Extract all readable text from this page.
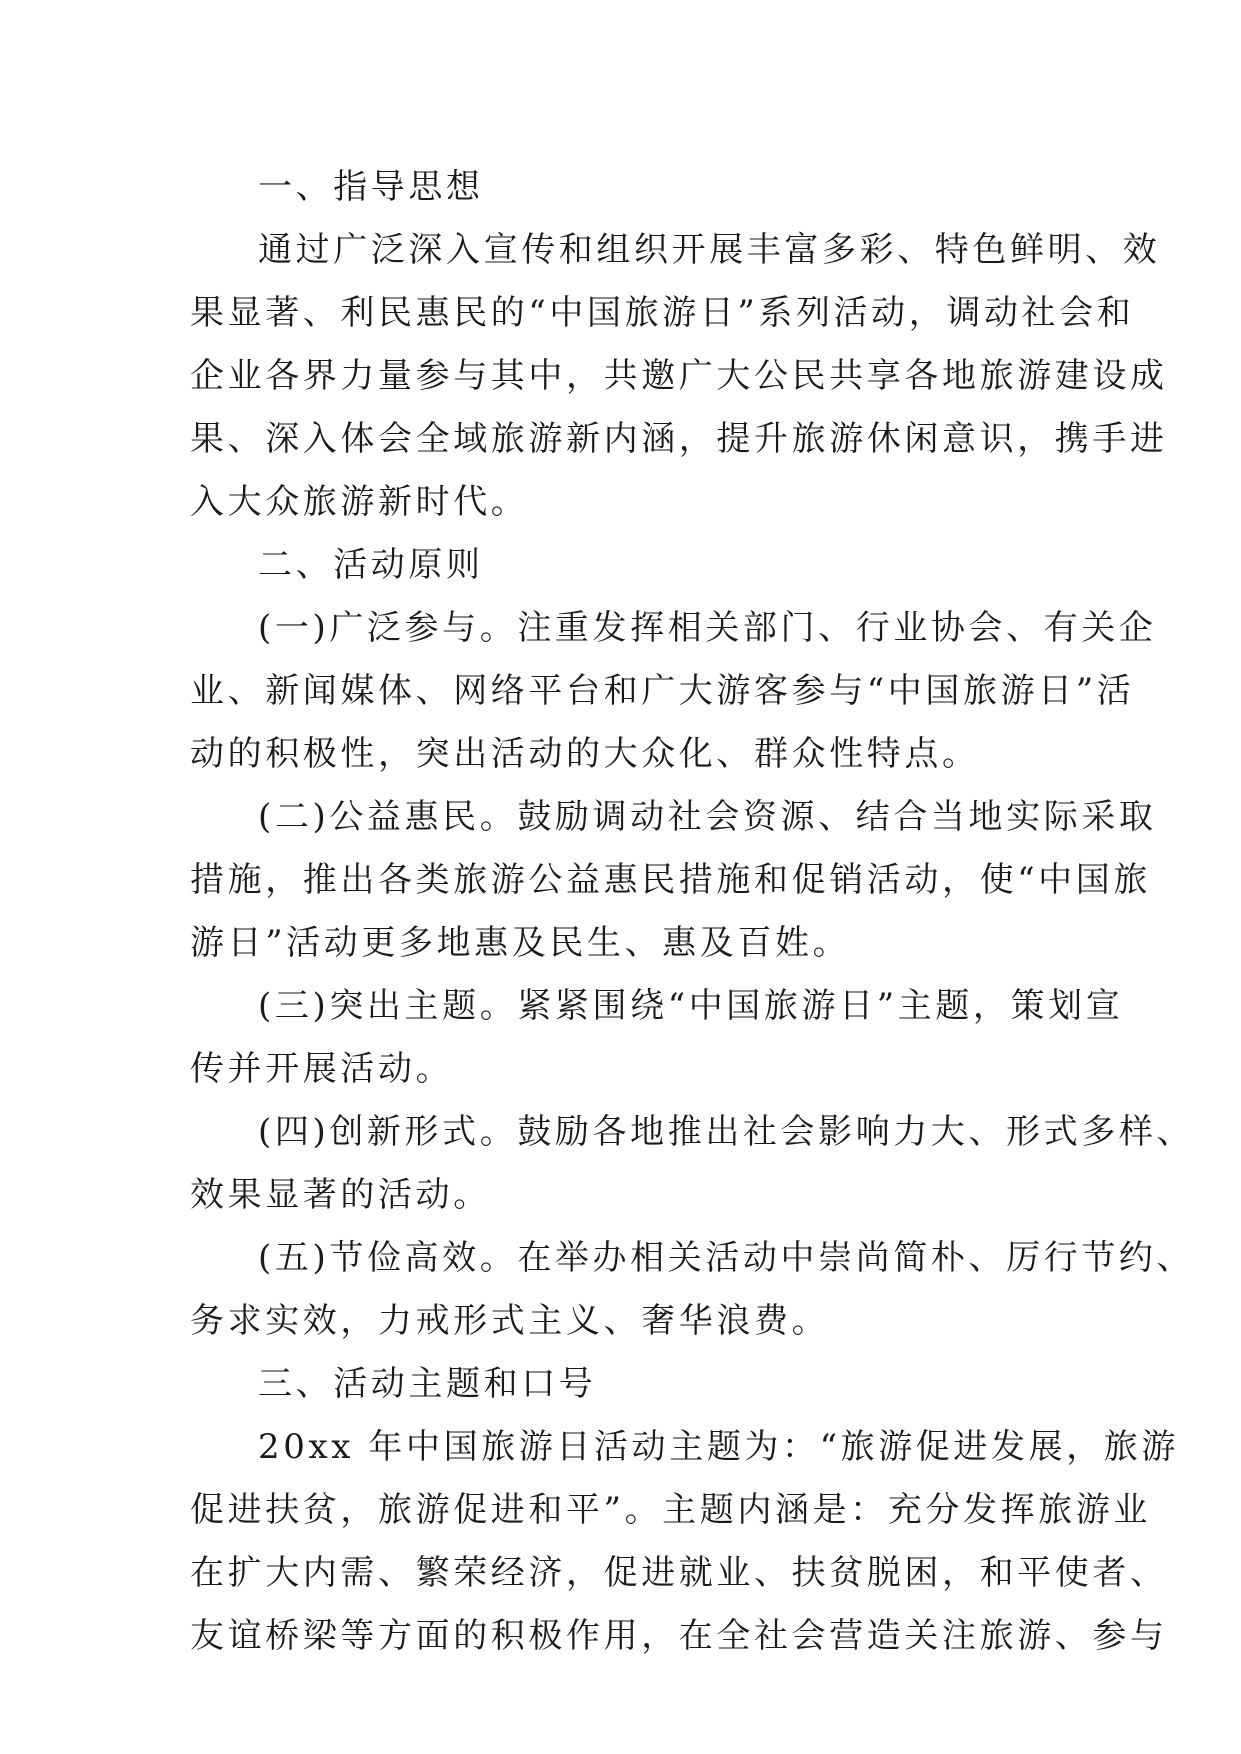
一、指导思想
通过广泛深入宣传和组织开展丰富多彩、特色鲜明、效
果显著、利民惠民的“中国旅游日”系列活动，调动社会和
企业各界力量参与其中，共邀广大公民共享各地旅游建设成
果、深入体会全域旅游新内涵，提升旅游休闲意识，携手进
入大众旅游新时代。
二、活动原则
(一)广泛参与。注重发挥相关部门、行业协会、有关企
业、新闻媒体、网络平台和广大游客参与“中国旅游日”活
动的积极性，突出活动的大众化、群众性特点。
(二)公益惠民。鼓励调动社会资源、结合当地实际采取
措施，推出各类旅游公益惠民措施和促销活动，使“中国旅
游日”活动更多地惠及民生、惠及百姓。
(三)突出主题。紧紧围绕“中国旅游日”主题，策划宣
传并开展活动。
(四)创新形式。鼓励各地推出社会影响力大、形式多样、
效果显著的活动。
(五)节俭高效。在举办相关活动中崇尚简朴、厉行节约、
务求实效，力戒形式主义、奢华浪费。
三、活动主题和口号
20xx 年中国旅游日活动主题为：“旅游促进发展，旅游
促进扶贫，旅游促进和平”。主题内涵是：充分发挥旅游业
在扩大内需、繁荣经济，促进就业、扶贫脱困，和平使者、
友谊桥梁等方面的积极作用，在全社会营造关注旅游、参与
